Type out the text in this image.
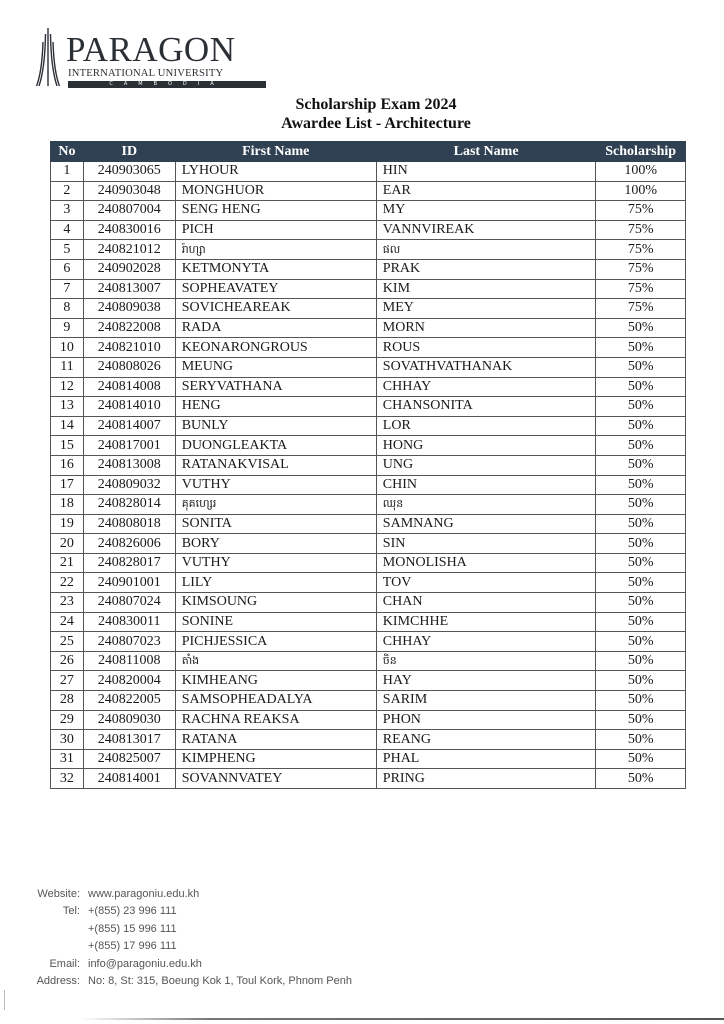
PARAGON
INTERNATIONAL UNIVERSITY
CAMBODIA
Scholarship Exam 2024
Awardee List - Architecture
No	ID	First Name	Last Name	Scholarship
1	240903065	LYHOUR	HIN	100%
2	240903048	MONGHUOR	EAR	100%
3	240807004	SENG HENG	MY	75%
4	240830016	PICH	VANNVIREAK	75%
5	240821012	រ៉ាហ្សា	ផល	75%
6	240902028	KETMONYTA	PRAK	75%
7	240813007	SOPHEAVATEY	KIM	75%
8	240809038	SOVICHEAREAK	MEY	75%
9	240822008	RADA	MORN	50%
10	240821010	KEONARONGROUS	ROUS	50%
11	240808026	MEUNG	SOVATHVATHANAK	50%
12	240814008	SERYVATHANA	CHHAY	50%
13	240814010	HENG	CHANSONITA	50%
14	240814007	BUNLY	LOR	50%
15	240817001	DUONGLEAKTA	HONG	50%
16	240813008	RATANAKVISAL	UNG	50%
17	240809032	VUTHY	CHIN	50%
18	240828014	គុគហ្សេរ	ឈុន	50%
19	240808018	SONITA	SAMNANG	50%
20	240826006	BORY	SIN	50%
21	240828017	VUTHY	MONOLISHA	50%
22	240901001	LILY	TOV	50%
23	240807024	KIMSOUNG	CHAN	50%
24	240830011	SONINE	KIMCHHE	50%
25	240807023	PICHJESSICA	CHHAY	50%
26	240811008	តាំង	ចិន	50%
27	240820004	KIMHEANG	HAY	50%
28	240822005	SAMSOPHEADALYA	SARIM	50%
29	240809030	RACHNA REAKSA	PHON	50%
30	240813017	RATANA	REANG	50%
31	240825007	KIMPHENG	PHAL	50%
32	240814001	SOVANNVATEY	PRING	50%
Website: www.paragoniu.edu.kh
Tel: +(855) 23 996 111
+(855) 15 996 111
+(855) 17 996 111
Email: info@paragoniu.edu.kh
Address: No: 8, St: 315, Boeung Kok 1, Toul Kork, Phnom Penh
